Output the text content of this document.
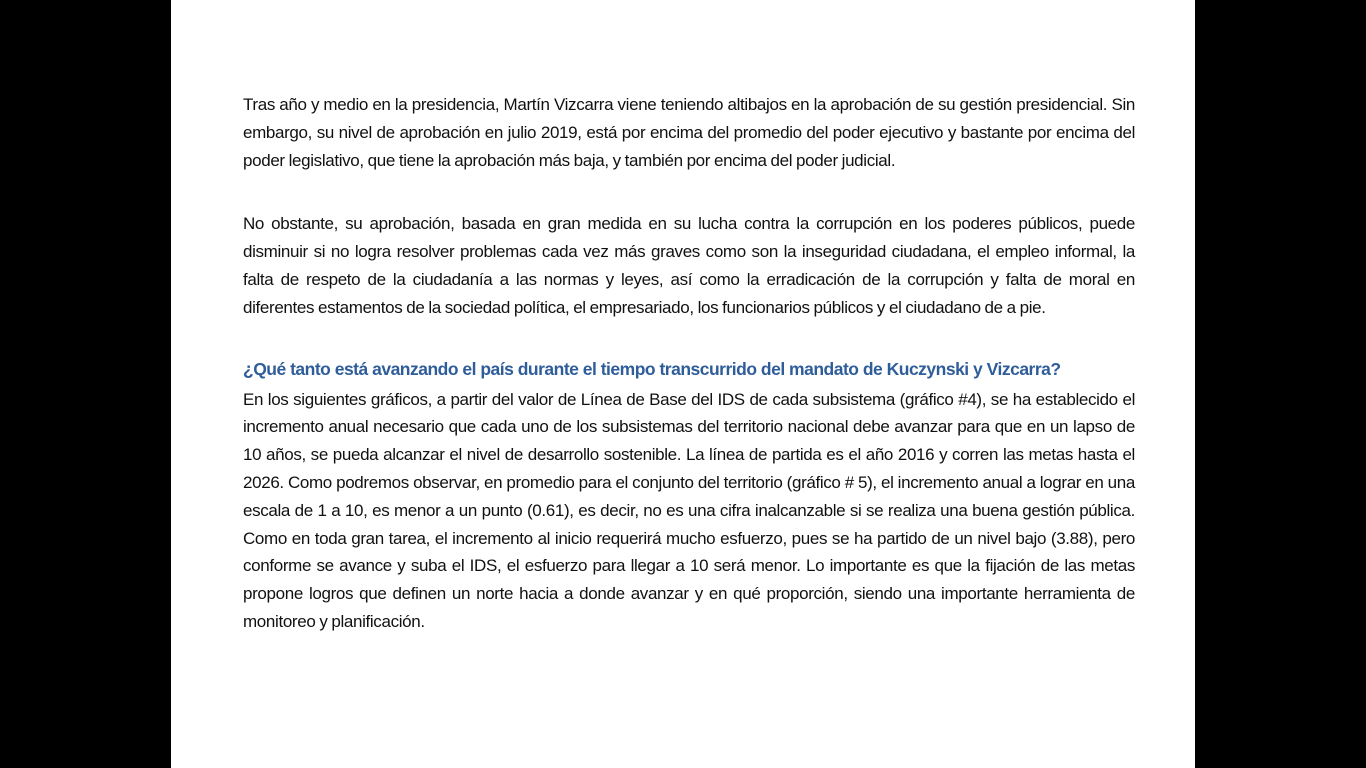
Tras año y medio en la presidencia, Martín Vizcarra viene teniendo altibajos en la aprobación de su gestión presidencial. Sin embargo, su nivel de aprobación en julio 2019, está por encima del promedio del poder ejecutivo y bastante por encima del poder legislativo, que tiene la aprobación más baja, y también por encima del poder judicial.

No obstante, su aprobación, basada en gran medida en su lucha contra la corrupción en los poderes públicos, puede disminuir si no logra resolver problemas cada vez más graves como son la inseguridad ciudadana, el empleo informal, la falta de respeto de la ciudadanía a las normas y leyes, así como la erradicación de la corrupción y falta de moral en diferentes estamentos de la sociedad política, el empresariado, los funcionarios públicos y el ciudadano de a pie.

¿Qué tanto está avanzando el país durante el tiempo transcurrido del mandato de Kuczynski y Vizcarra?

En los siguientes gráficos, a partir del valor de Línea de Base del IDS de cada subsistema (gráfico #4), se ha establecido el incremento anual necesario que cada uno de los subsistemas del territorio nacional debe avanzar para que en un lapso de 10 años, se pueda alcanzar el nivel de desarrollo sostenible. La línea de partida es el año 2016 y corren las metas hasta el 2026. Como podremos observar, en promedio para el conjunto del territorio (gráfico # 5), el incremento anual a lograr en una escala de 1 a 10, es menor a un punto (0.61), es decir, no es una cifra inalcanzable si se realiza una buena gestión pública. Como en toda gran tarea, el incremento al inicio requerirá mucho esfuerzo, pues se ha partido de un nivel bajo (3.88), pero conforme se avance y suba el IDS, el esfuerzo para llegar a 10 será menor. Lo importante es que la fijación de las metas propone logros que definen un norte hacia a donde avanzar y en qué proporción, siendo una importante herramienta de monitoreo y planificación.
